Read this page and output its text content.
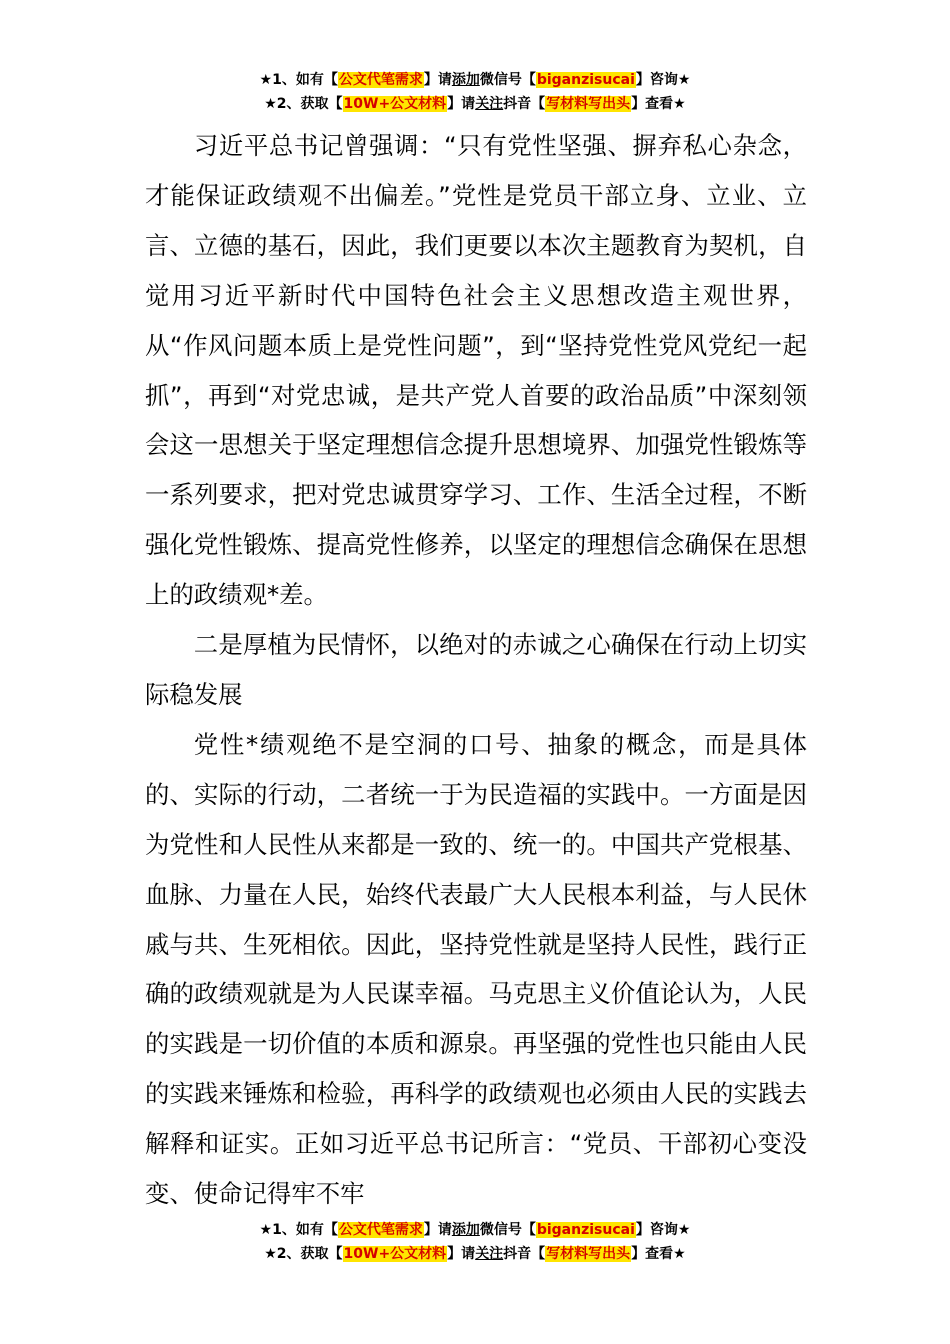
★1、如有【公文代笔需求】请添加微信号【biganzisucai】咨询★
★2、获取【10W+公文材料】请关注抖音【写材料写出头】查看★

习近平总书记曾强调：“只有党性坚强、摒弃私心杂念，才能保证政绩观不出偏差。”党性是党员干部立身、立业、立言、立德的基石，因此，我们更要以本次主题教育为契机，自觉用习近平新时代中国特色社会主义思想改造主观世界，从“作风问题本质上是党性问题”，到“坚持党性党风党纪一起抓”，再到“对党忠诚，是共产党人首要的政治品质”中深刻领会这一思想关于坚定理想信念提升思想境界、加强党性锻炼等一系列要求，把对党忠诚贯穿学习、工作、生活全过程，不断强化党性锻炼、提高党性修养，以坚定的理想信念确保在思想上的政绩观*差。

二是厚植为民情怀，以绝对的赤诚之心确保在行动上切实际稳发展

党性*绩观绝不是空洞的口号、抽象的概念，而是具体的、实际的行动，二者统一于为民造福的实践中。一方面是因为党性和人民性从来都是一致的、统一的。中国共产党根基、血脉、力量在人民，始终代表最广大人民根本利益，与人民休戚与共、生死相依。因此，坚持党性就是坚持人民性，践行正确的政绩观就是为人民谋幸福。马克思主义价值论认为，人民的实践是一切价值的本质和源泉。再坚强的党性也只能由人民的实践来锤炼和检验，再科学的政绩观也必须由人民的实践去解释和证实。正如习近平总书记所言：“党员、干部初心变没变、使命记得牢不牢

★1、如有【公文代笔需求】请添加微信号【biganzisucai】咨询★
★2、获取【10W+公文材料】请关注抖音【写材料写出头】查看★
